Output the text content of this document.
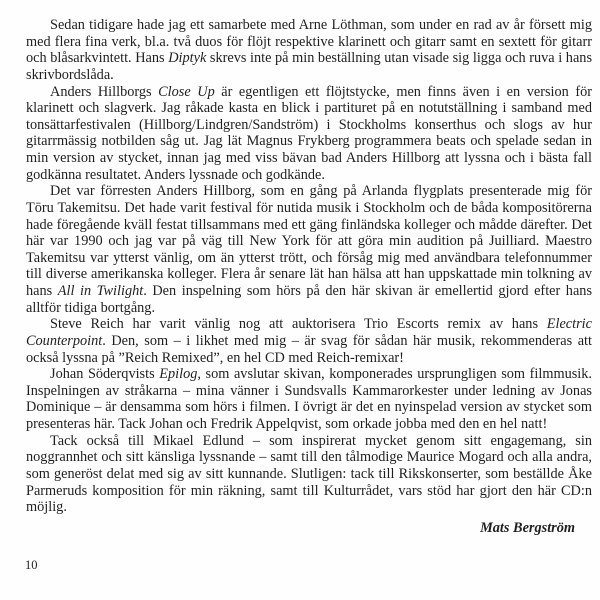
Sedan tidigare hade jag ett samarbete med Arne Löthman, som under en rad av år försett mig med flera fina verk, bl.a. två duos för flöjt respektive klarinett och gitarr samt en sextett för gitarr och blåsarkvintett. Hans Diptyk skrevs inte på min beställning utan visade sig ligga och ruva i hans skrivbordslåda.

Anders Hillborgs Close Up är egentligen ett flöjtstycke, men finns även i en version för klarinett och slagverk. Jag råkade kasta en blick i partituret på en notutställning i samband med tonsättarfestivalen (Hillborg/Lindgren/Sandström) i Stockholms konserthus och slogs av hur gitarrmässig notbilden såg ut. Jag lät Magnus Frykberg programmera beats och spelade sedan in min version av stycket, innan jag med viss bävan bad Anders Hillborg att lyssna och i bästa fall godkänna resultatet. Anders lyssnade och godkände.

Det var förresten Anders Hillborg, som en gång på Arlanda flygplats presenterade mig för Tōru Takemitsu. Det hade varit festival för nutida musik i Stockholm och de båda kompositörerna hade föregående kväll festat tillsammans med ett gäng finländska kolleger och mådde därefter. Det här var 1990 och jag var på väg till New York för att göra min audition på Juilliard. Maestro Takemitsu var ytterst vänlig, om än ytterst trött, och försåg mig med användbara telefonnummer till diverse amerikanska kolleger. Flera år senare lät han hälsa att han uppskattade min tolkning av hans All in Twilight. Den inspelning som hörs på den här skivan är emellertid gjord efter hans alltför tidiga bortgång.

Steve Reich har varit vänlig nog att auktorisera Trio Escorts remix av hans Electric Counterpoint. Den, som – i likhet med mig – är svag för sådan här musik, rekommenderas att också lyssna på ”Reich Remixed”, en hel CD med Reich-remixar!

Johan Söderqvists Epilog, som avslutar skivan, komponerades ursprungligen som filmmusik. Inspelningen av stråkarna – mina vänner i Sundsvalls Kammarorkester under ledning av Jonas Dominique – är densamma som hörs i filmen. I övrigt är det en nyinspelad version av stycket som presenteras här. Tack Johan och Fredrik Appelqvist, som orkade jobba med den en hel natt!

Tack också till Mikael Edlund – som inspirerat mycket genom sitt engagemang, sin noggrannhet och sitt känsliga lyssnande – samt till den tålmodige Maurice Mogard och alla andra, som generöst delat med sig av sitt kunnande. Slutligen: tack till Rikskonserter, som beställde Åke Parmeruds komposition för min räkning, samt till Kulturrådet, vars stöd har gjort den här CD:n möjlig.

Mats Bergström
10
